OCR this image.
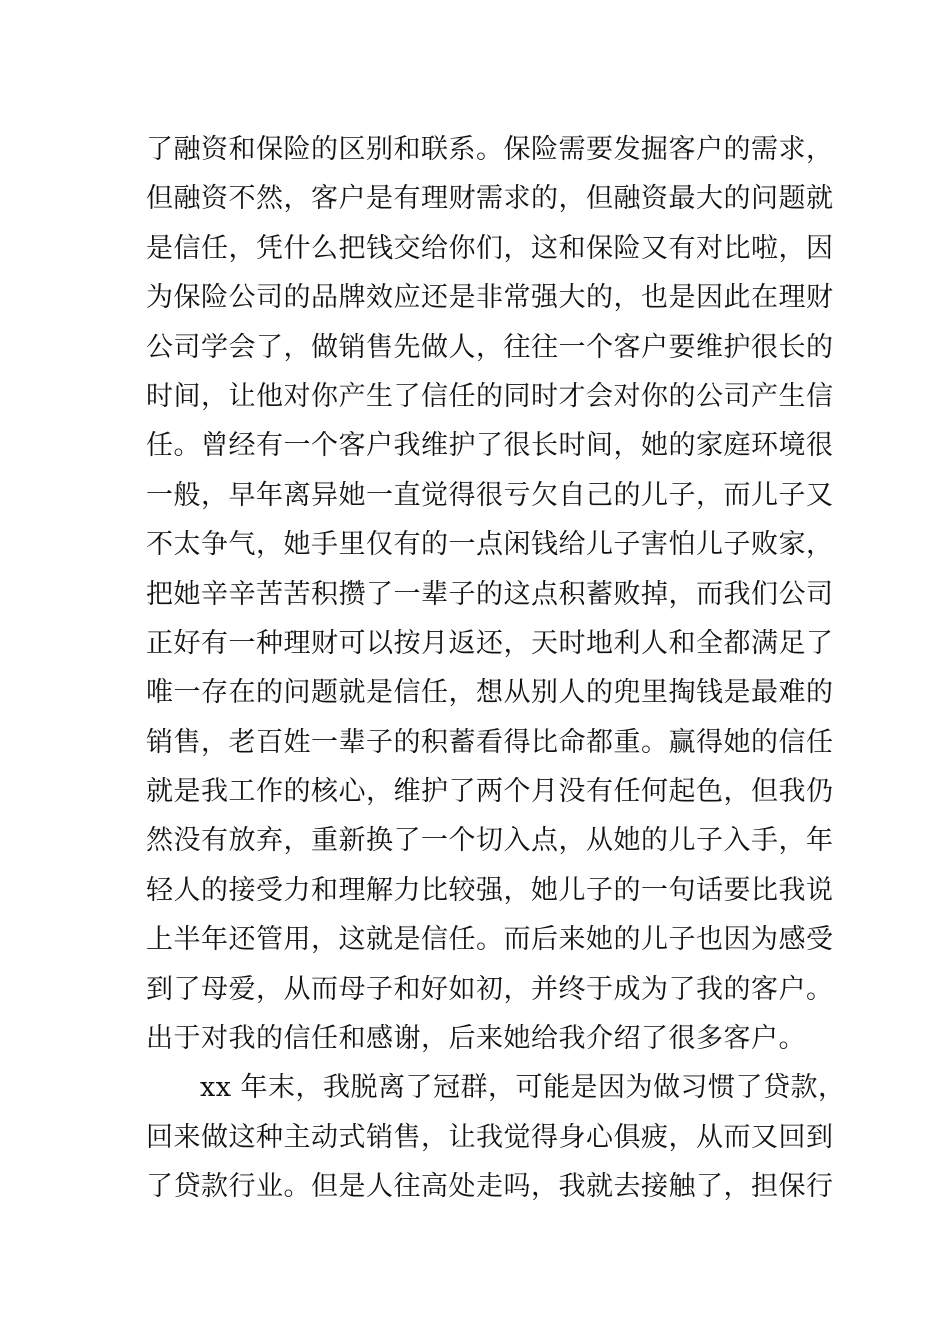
了融资和保险的区别和联系。保险需要发掘客户的需求，
但融资不然，客户是有理财需求的，但融资最大的问题就
是信任，凭什么把钱交给你们，这和保险又有对比啦，因
为保险公司的品牌效应还是非常强大的，也是因此在理财
公司学会了，做销售先做人，往往一个客户要维护很长的
时间，让他对你产生了信任的同时才会对你的公司产生信
任。曾经有一个客户我维护了很长时间，她的家庭环境很
一般，早年离异她一直觉得很亏欠自己的儿子，而儿子又
不太争气，她手里仅有的一点闲钱给儿子害怕儿子败家，
把她辛辛苦苦积攒了一辈子的这点积蓄败掉，而我们公司
正好有一种理财可以按月返还，天时地利人和全都满足了
唯一存在的问题就是信任，想从别人的兜里掏钱是最难的
销售，老百姓一辈子的积蓄看得比命都重。赢得她的信任
就是我工作的核心，维护了两个月没有任何起色，但我仍
然没有放弃，重新换了一个切入点，从她的儿子入手，年
轻人的接受力和理解力比较强，她儿子的一句话要比我说
上半年还管用，这就是信任。而后来她的儿子也因为感受
到了母爱，从而母子和好如初，并终于成为了我的客户。
出于对我的信任和感谢，后来她给我介绍了很多客户。
xx 年末，我脱离了冠群，可能是因为做习惯了贷款，
回来做这种主动式销售，让我觉得身心俱疲，从而又回到
了贷款行业。但是人往高处走吗，我就去接触了，担保行
